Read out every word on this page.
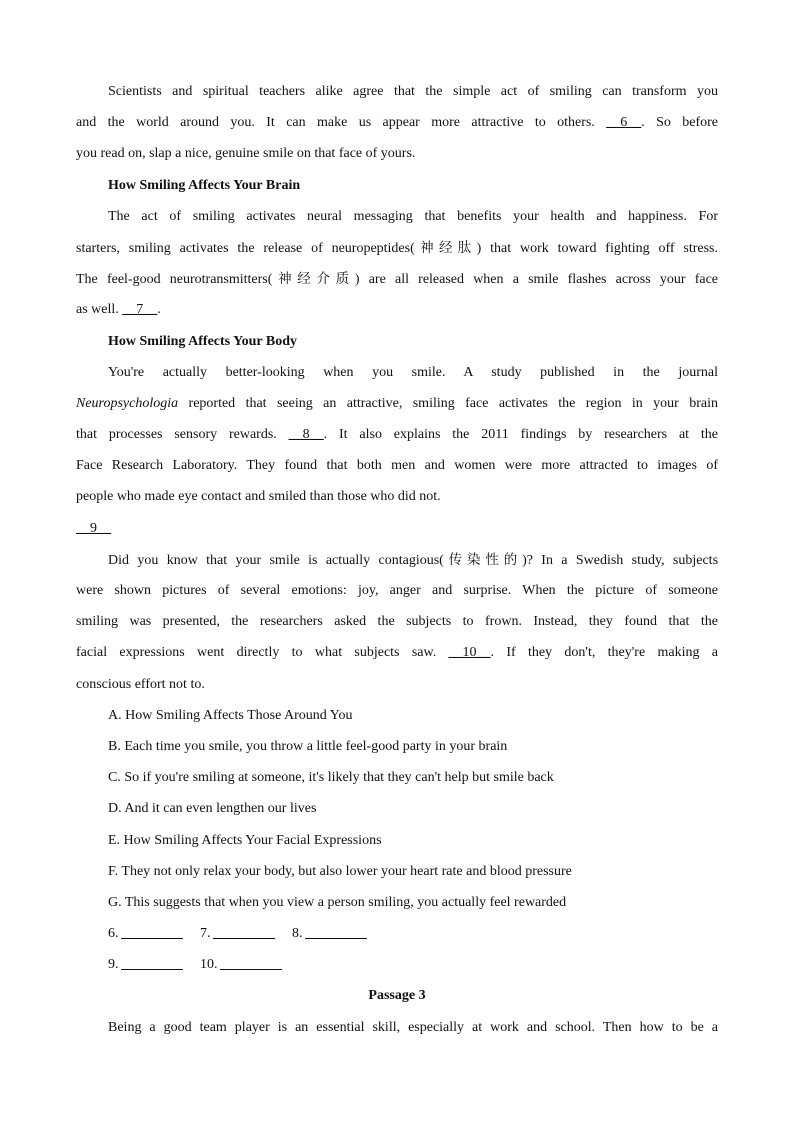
Scientists and spiritual teachers alike agree that the simple act of smiling can transform you
and the world around you. It can make us appear more attractive to others. __6__. So before
you read on, slap a nice, genuine smile on that face of yours.
How Smiling Affects Your Brain
The act of smiling activates neural messaging that benefits your health and happiness. For
starters, smiling activates the release of neuropeptides(神经肽) that work toward fighting off stress.
The feel-good neurotransmitters(神经介质) are all released when a smile flashes across your face
as well. __7__.
How Smiling Affects Your Body
You're actually better-looking when you smile. A study published in the journal
Neuropsychologia reported that seeing an attractive, smiling face activates the region in your brain
that processes sensory rewards. __8__. It also explains the 2011 findings by researchers at the
Face Research Laboratory. They found that both men and women were more attracted to images of
people who made eye contact and smiled than those who did not.
__9__
Did you know that your smile is actually contagious(传染性的)? In a Swedish study, subjects
were shown pictures of several emotions: joy, anger and surprise. When the picture of someone
smiling was presented, the researchers asked the subjects to frown. Instead, they found that the
facial expressions went directly to what subjects saw. __10__. If they don't, they're making a
conscious effort not to.
A. How Smiling Affects Those Around You
B. Each time you smile, you throw a little feel-good party in your brain
C. So if you're smiling at someone, it's likely that they can't help but smile back
D. And it can even lengthen our lives
E. How Smiling Affects Your Facial Expressions
F. They not only relax your body, but also lower your heart rate and blood pressure
G. This suggests that when you view a person smiling, you actually feel rewarded
6.	7.	8.
9.	10.
Passage 3
Being a good team player is an essential skill, especially at work and school. Then how to be a
